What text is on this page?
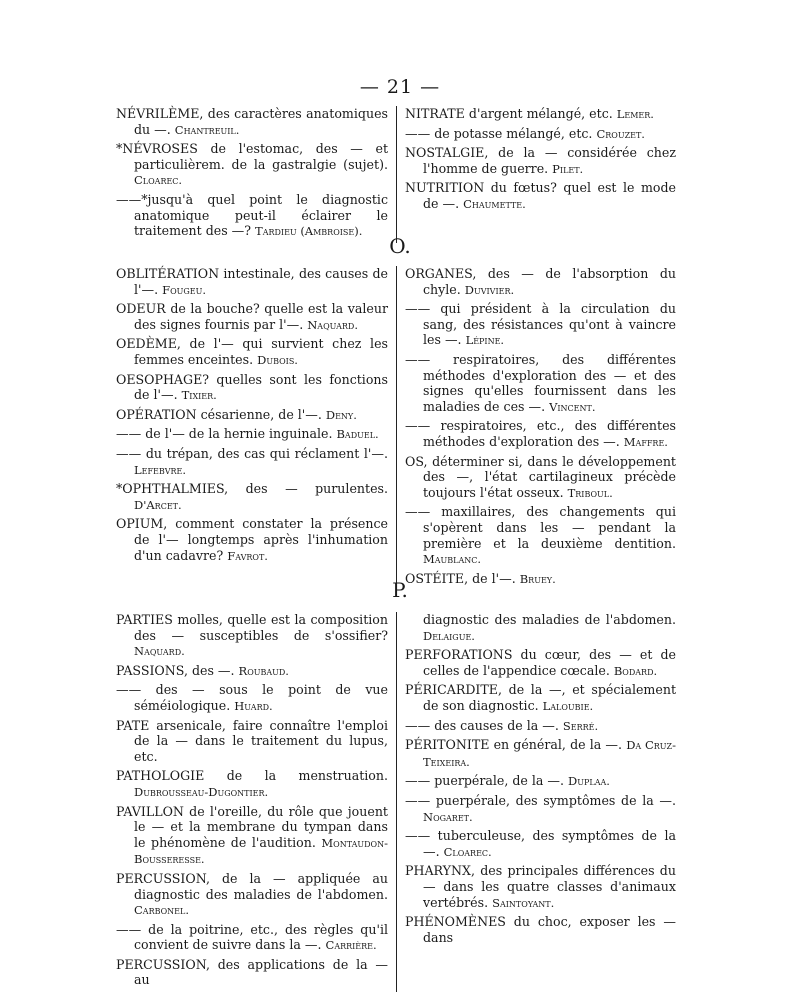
— 21 —
NÉVRILÈME, des caractères anatomiques du —. Chantreuil.
*NÉVROSES de l'estomac, des — et particulièrem. de la gastralgie (sujet). Cloarec.
——*jusqu'à quel point le diagnostic anatomique peut-il éclairer le traitement des —? Tardieu (Ambroise).
NITRATE d'argent mélangé, etc. Lemer.
—— de potasse mélangé, etc. Crouzet.
NOSTALGIE, de la — considérée chez l'homme de guerre. Pilet.
NUTRITION du fœtus? quel est le mode de —. Chaumette.
O.
OBLITÉRATION intestinale, des causes de l'—. Fougeu.
ODEUR de la bouche? quelle est la valeur des signes fournis par l'—. Naquard.
OEDÈME, de l'— qui survient chez les femmes enceintes. Dubois.
OESOPHAGE? quelles sont les fonctions de l'—. Tixier.
OPÉRATION césarienne, de l'—. Deny.
—— de l'— de la hernie inguinale. Baduel.
—— du trépan, des cas qui réclament l'—. Lefebvre.
*OPHTHALMIES, des — purulentes. D'Arcet.
OPIUM, comment constater la présence de l'— longtemps après l'inhumation d'un cadavre? Favrot.
ORGANES, des — de l'absorption du chyle. Duvivier.
—— qui président à la circulation du sang, des résistances qu'ont à vaincre les —. Lépine.
—— respiratoires, des différentes méthodes d'exploration des — et des signes qu'elles fournissent dans les maladies de ces —. Vincent.
—— respiratoires, etc., des différentes méthodes d'exploration des —. Maffre.
OS, déterminer si, dans le développement des —, l'état cartilagineux précède toujours l'état osseux. Triboul.
—— maxillaires, des changements qui s'opèrent dans les — pendant la première et la deuxième dentition. Maublanc.
OSTÉITE, de l'—. Bruey.
P.
PARTIES molles, quelle est la composition des — susceptibles de s'ossifier? Naquard.
PASSIONS, des —. Roubaud.
—— des — sous le point de vue séméiologique. Huard.
PATE arsenicale, faire connaître l'emploi de la — dans le traitement du lupus, etc.
PATHOLOGIE de la menstruation. Dubrousseau-Dugontier.
PAVILLON de l'oreille, du rôle que jouent le — et la membrane du tympan dans le phénomène de l'audition. Montaudon-Bousseresse.
PERCUSSION, de la — appliquée au diagnostic des maladies de l'abdomen. Carbonel.
—— de la poitrine, etc., des règles qu'il convient de suivre dans la —. Carrière.
PERCUSSION, des applications de la — au
diagnostic des maladies de l'abdomen. Delaigue.
PERFORATIONS du cœur, des — et de celles de l'appendice cœcale. Bodard.
PÉRICARDITE, de la —, et spécialement de son diagnostic. Laloubie.
—— des causes de la —. Serré.
PÉRITONITE en général, de la —. Da Cruz-Teixeira.
—— puerpérale, de la —. Duplaa.
—— puerpérale, des symptômes de la —. Nogaret.
—— tuberculeuse, des symptômes de la —. Cloarec.
PHARYNX, des principales différences du — dans les quatre classes d'animaux vertébrés. Saintoyant.
PHÉNOMÈNES du choc, exposer les — dans
